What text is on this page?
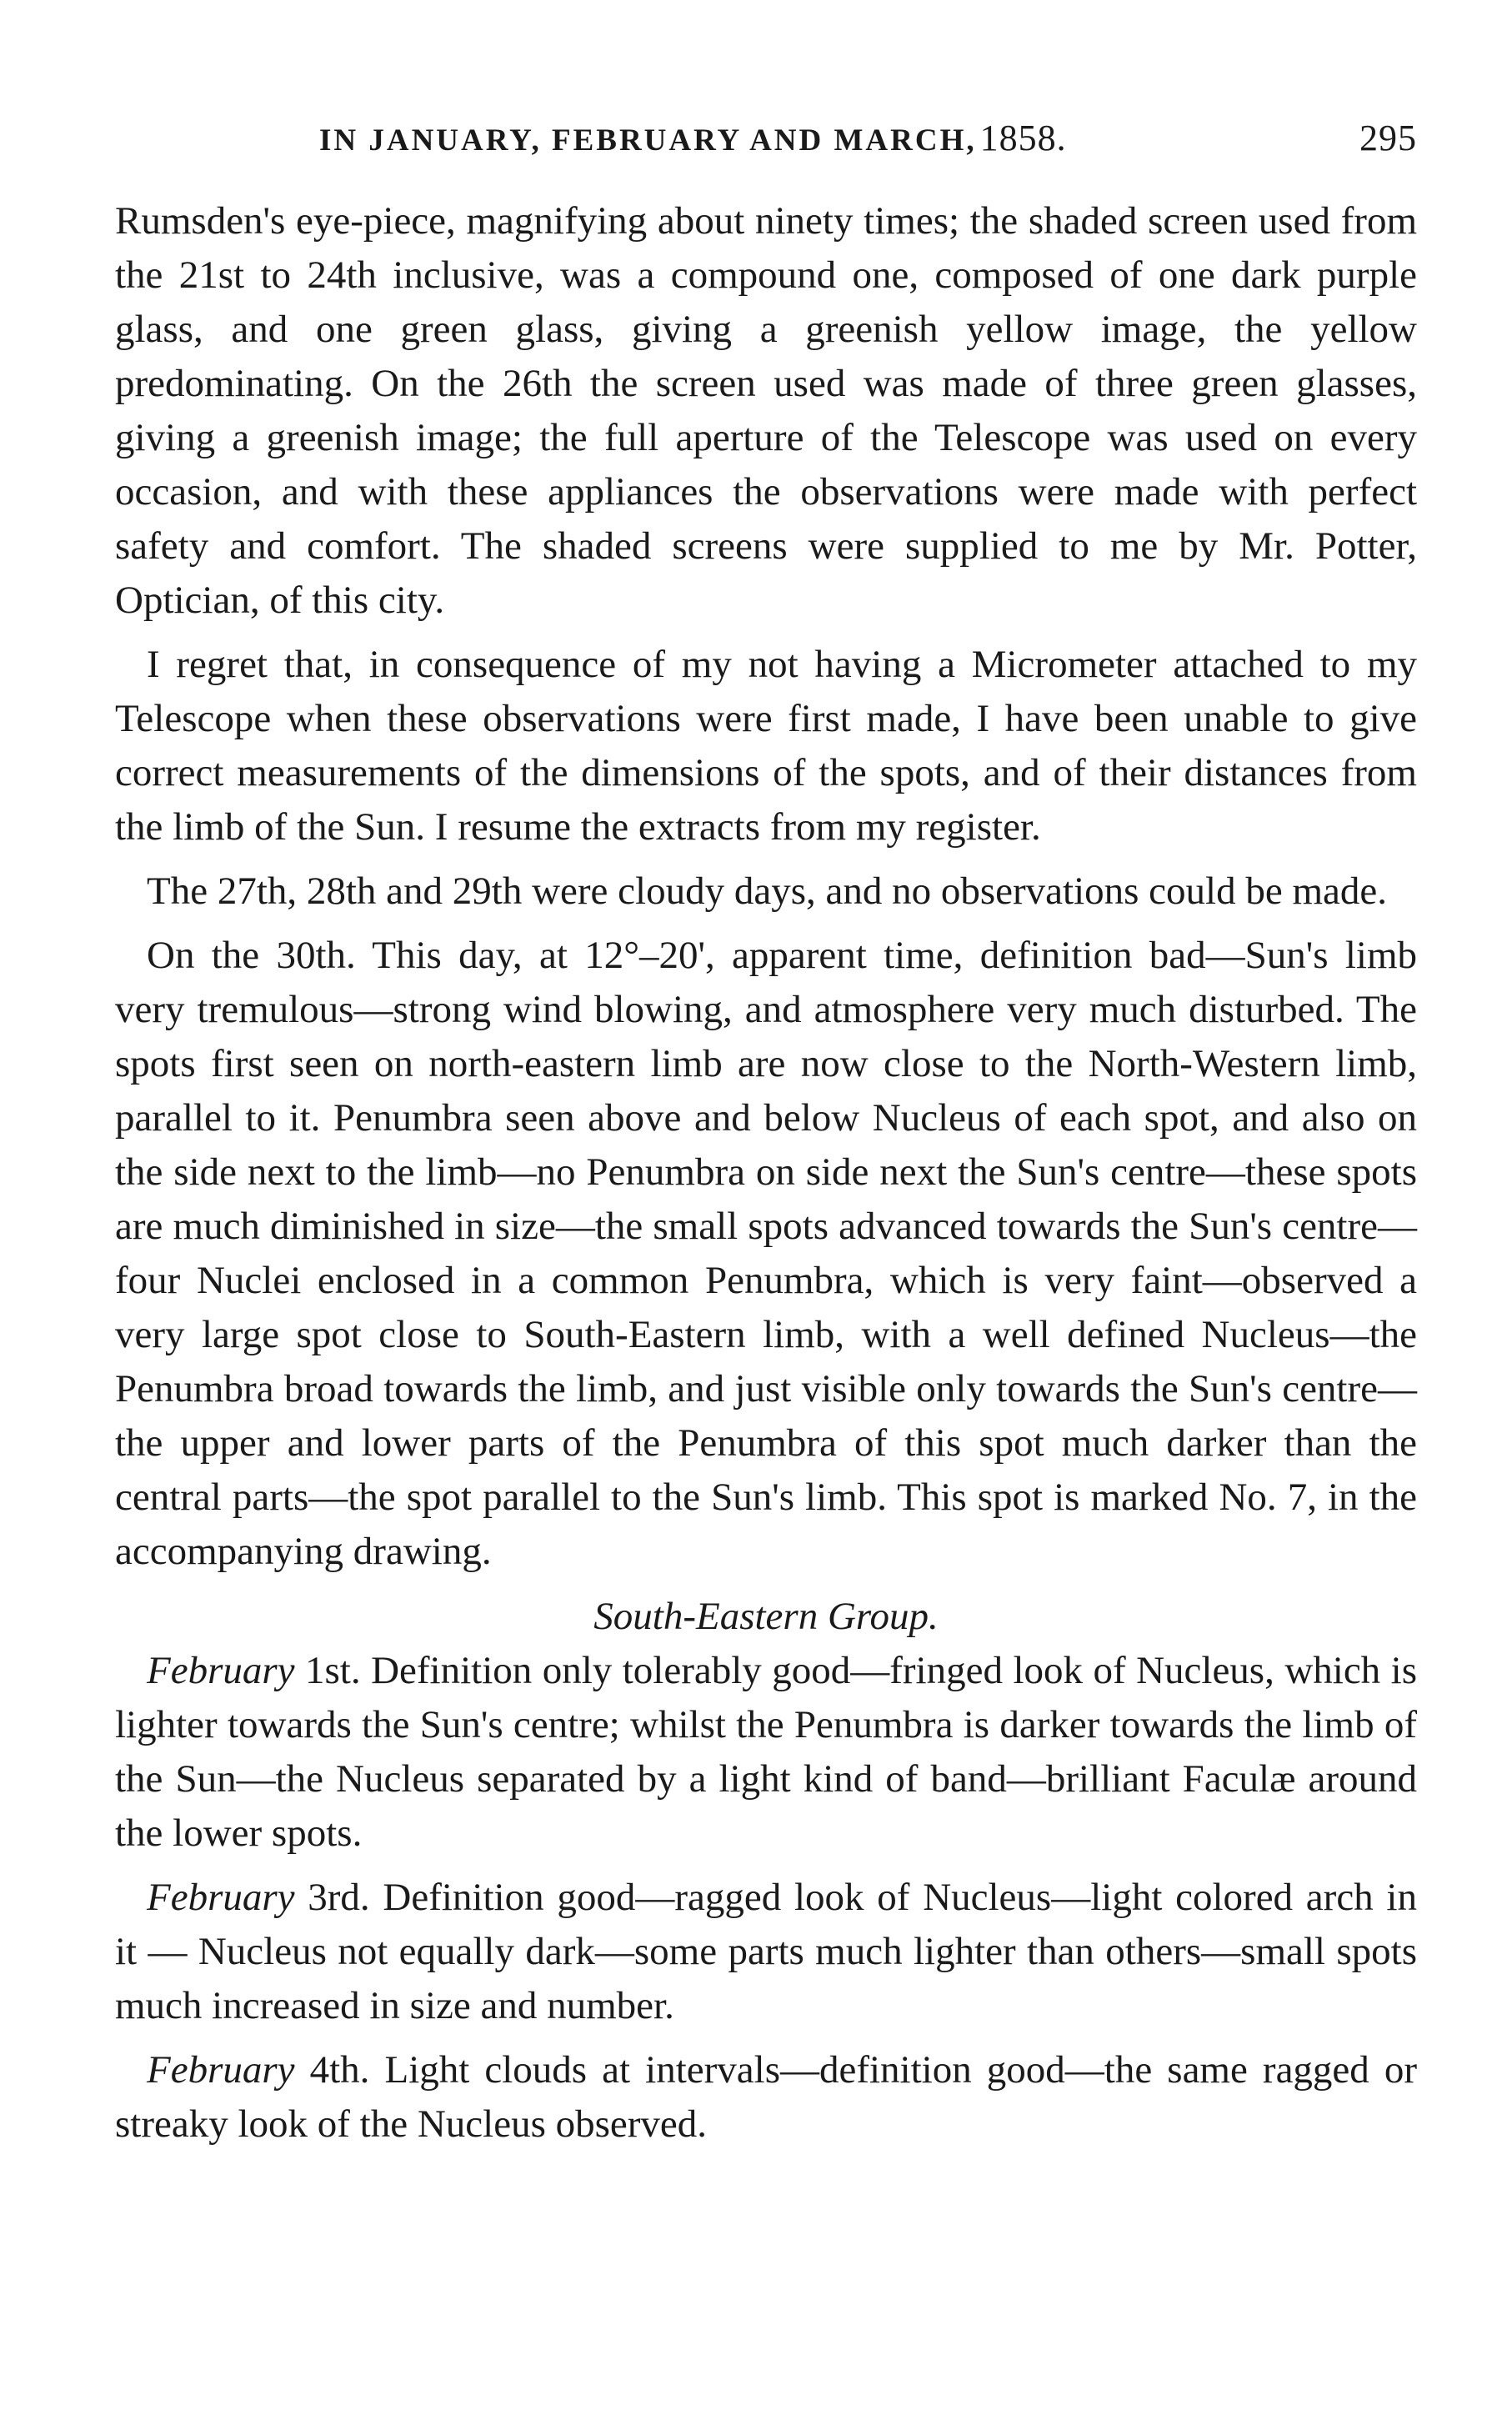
IN JANUARY, FEBRUARY AND MARCH, 1858.	295

Rumsden's eye-piece, magnifying about ninety times; the shaded screen used from the 21st to 24th inclusive, was a compound one, composed of one dark purple glass, and one green glass, giving a greenish yellow image, the yellow predominating. On the 26th the screen used was made of three green glasses, giving a greenish image; the full aperture of the Telescope was used on every occasion, and with these appliances the observations were made with perfect safety and comfort. The shaded screens were supplied to me by Mr. Potter, Optician, of this city.

I regret that, in consequence of my not having a Micrometer attached to my Telescope when these observations were first made, I have been unable to give correct measurements of the dimensions of the spots, and of their distances from the limb of the Sun. I resume the extracts from my register.

The 27th, 28th and 29th were cloudy days, and no observations could be made.

On the 30th. This day, at 12°–20', apparent time, definition bad—Sun's limb very tremulous—strong wind blowing, and atmosphere very much disturbed. The spots first seen on north-eastern limb are now close to the North-Western limb, parallel to it. Penumbra seen above and below Nucleus of each spot, and also on the side next to the limb—no Penumbra on side next the Sun's centre—these spots are much diminished in size—the small spots advanced towards the Sun's centre—four Nuclei enclosed in a common Penumbra, which is very faint—observed a very large spot close to South-Eastern limb, with a well defined Nucleus—the Penumbra broad towards the limb, and just visible only towards the Sun's centre—the upper and lower parts of the Penumbra of this spot much darker than the central parts—the spot parallel to the Sun's limb. This spot is marked No. 7, in the accompanying drawing.

South-Eastern Group.

February 1st. Definition only tolerably good—fringed look of Nucleus, which is lighter towards the Sun's centre; whilst the Penumbra is darker towards the limb of the Sun—the Nucleus separated by a light kind of band—brilliant Faculæ around the lower spots.

February 3rd. Definition good—ragged look of Nucleus—light colored arch in it — Nucleus not equally dark—some parts much lighter than others—small spots much increased in size and number.

February 4th. Light clouds at intervals—definition good—the same ragged or streaky look of the Nucleus observed.
